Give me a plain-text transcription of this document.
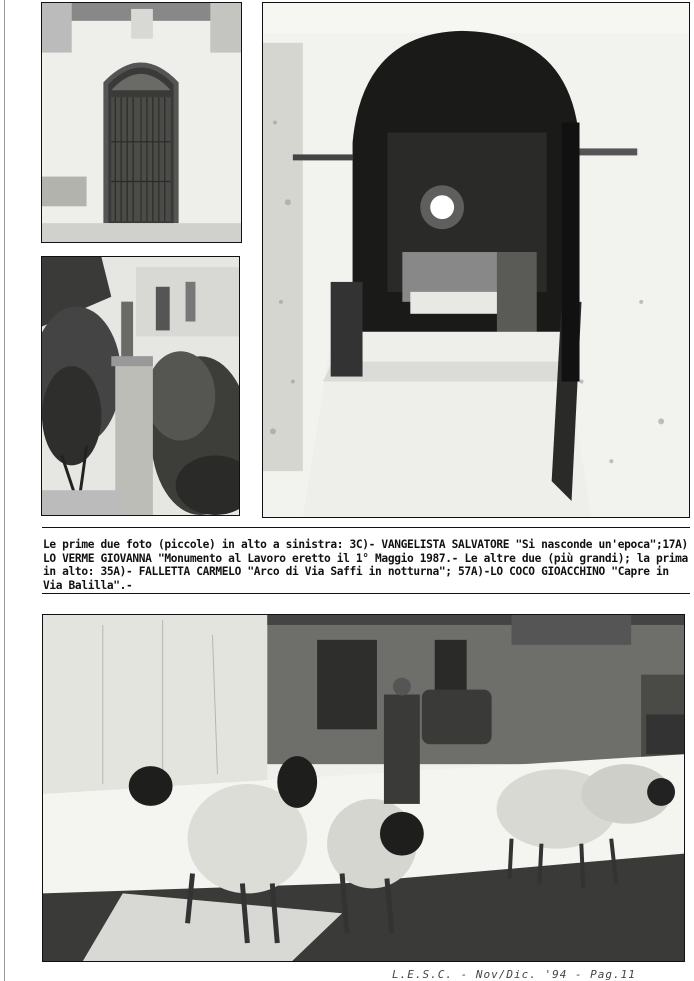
Le prime due foto (piccole) in alto a sinistra: 3C)- VANGELISTA SALVATORE "Si nasconde un'epoca";17A)
LO VERME GIOVANNA "Monumento al Lavoro eretto il 1° Maggio 1987.- Le altre due (più grandi); la prima
in alto: 35A)- FALLETTA CARMELO "Arco di Via Saffi in notturna"; 57A)-LO COCO GIOACCHINO "Capre in
Via Balilla".-
L.E.S.C. - Nov/Dic. '94 - Pag.11
